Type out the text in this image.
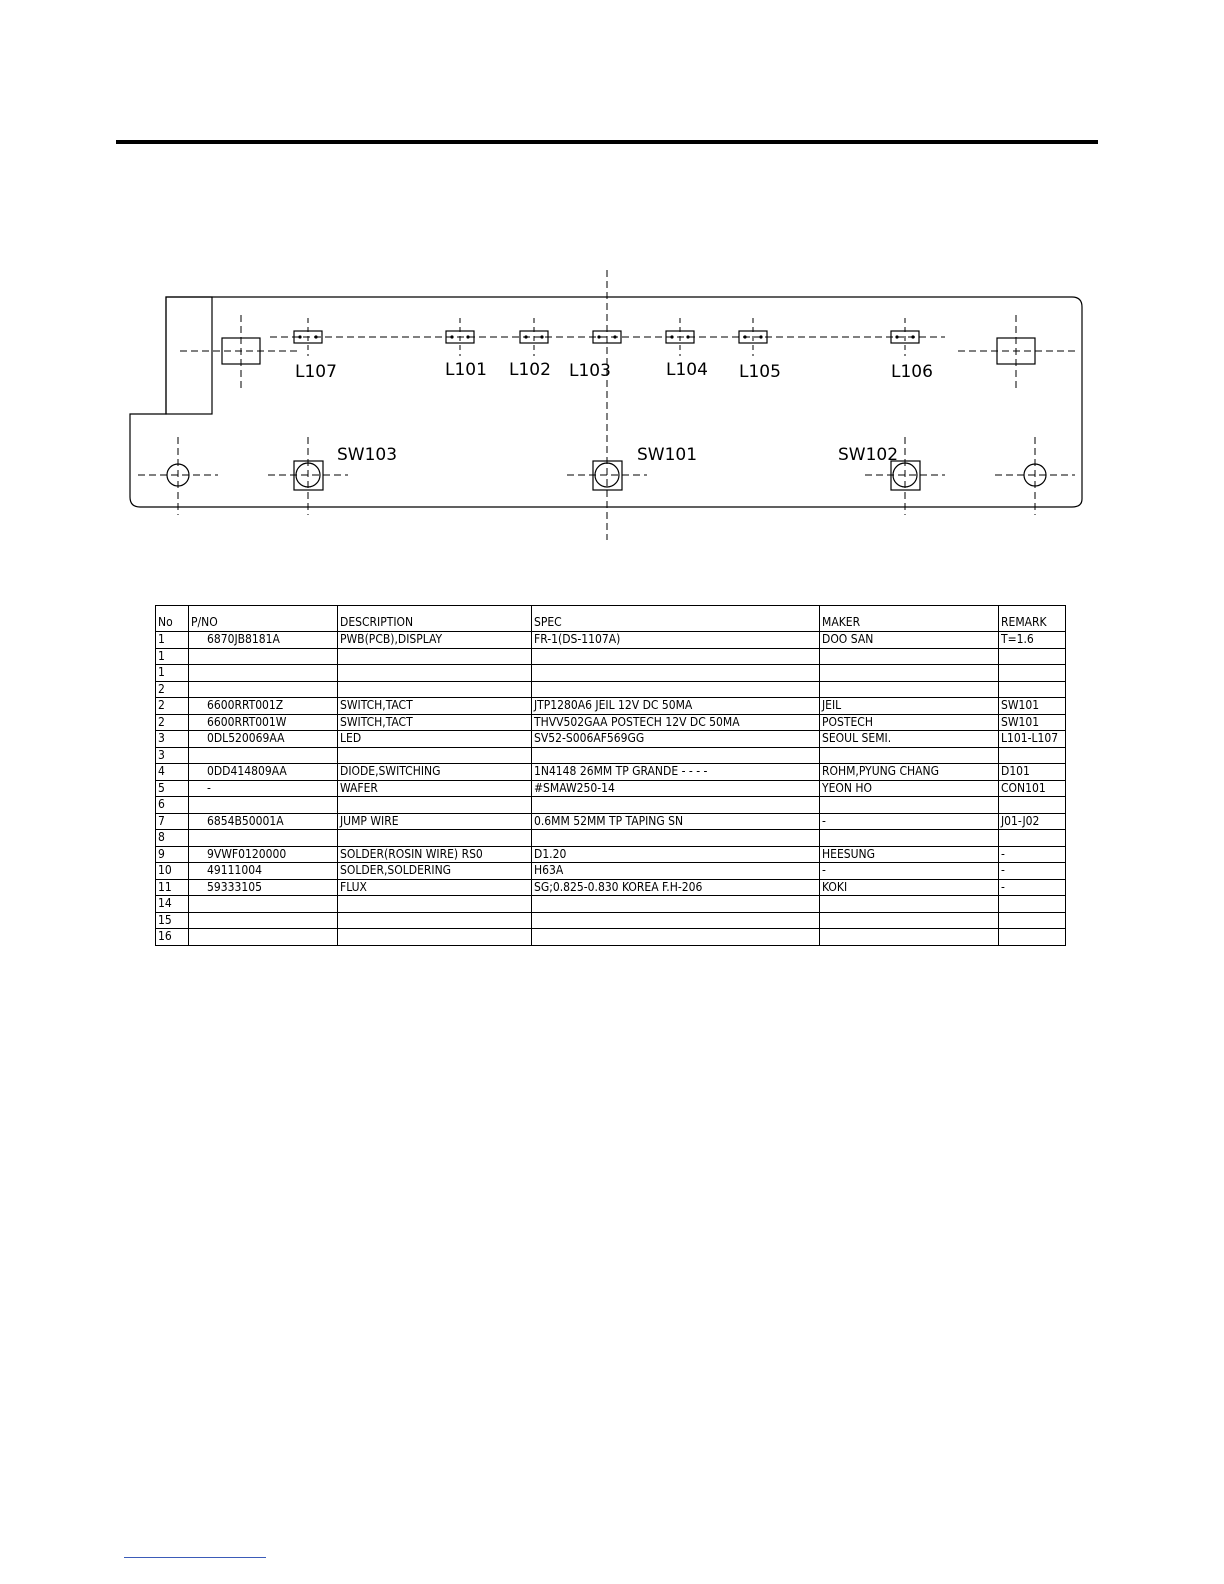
L107	L101 L102 L103	L104 L105	L106
SW103	SW101	SW102
No	P/NO	DESCRIPTION	SPEC	MAKER	REMARK
1	6870JB8181A	PWB(PCB),DISPLAY	FR-1(DS-1107A)	DOO SAN	T=1.6
1					
1					
2					
2	6600RRT001Z	SWITCH,TACT	JTP1280A6 JEIL 12V DC 50MA	JEIL	SW101
2	6600RRT001W	SWITCH,TACT	THVV502GAA POSTECH 12V DC 50MA	POSTECH	SW101
3	0DL520069AA	LED	SV52-S006AF569GG	SEOUL SEMI.	L101-L107
3					
4	0DD414809AA	DIODE,SWITCHING	1N4148 26MM TP GRANDE - - - -	ROHM,PYUNG CHANG	D101
5	-	WAFER	#SMAW250-14	YEON HO	CON101
6					
7	6854B50001A	JUMP WIRE	0.6MM 52MM TP TAPING SN	-	J01-J02
8					
9	9VWF0120000	SOLDER(ROSIN WIRE) RS0	D1.20	HEESUNG	-
10	49111004	SOLDER,SOLDERING	H63A	-	-
11	59333105	FLUX	SG;0.825-0.830 KOREA F.H-206	KOKI	-
14					
15					
16					
